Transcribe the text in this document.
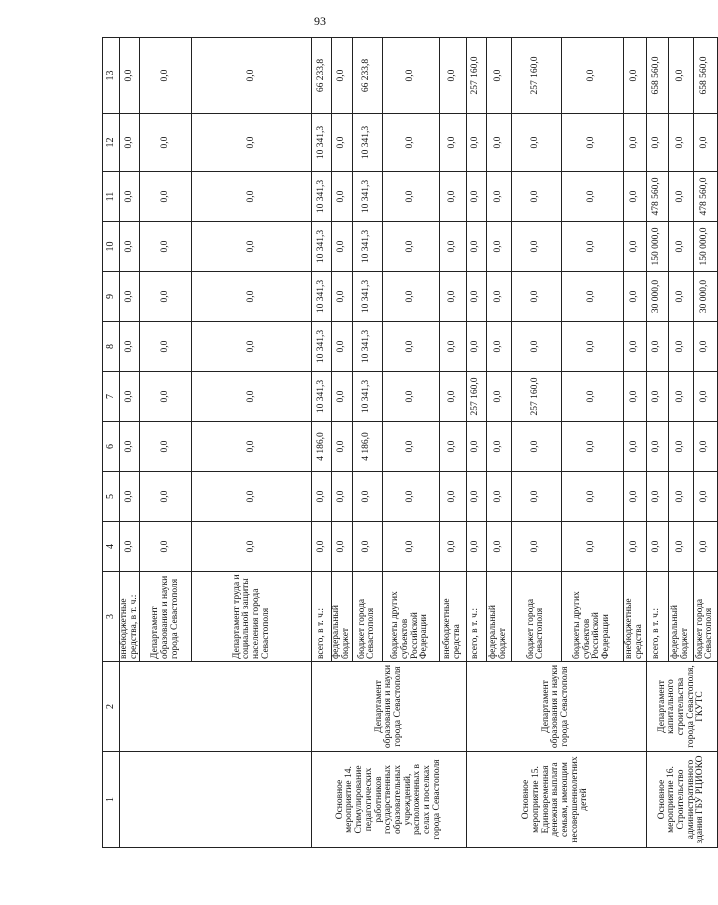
93
1	2	3	4	5	6	7	8	9	10	11	12	13
		внебюджетные средства, в т. ч.:	0,0	0,0	0,0	0,0	0,0	0,0	0,0	0,0	0,0	0,0
		Департамент образования и науки города Севастополя	0,0	0,0	0,0	0,0	0,0	0,0	0,0	0,0	0,0	0,0
		Департамент труда и социальной защиты населения города Севастополя	0,0	0,0	0,0	0,0	0,0	0,0	0,0	0,0	0,0	0,0
Основное мероприятие 14. Стимулирование педагогических работников государственных образовательных учреждений, расположенных в селах и поселках города Севастополя	Департамент образования и науки города Севастополя	всего, в т. ч.:	0,0	0,0	4 186,0	10 341,3	10 341,3	10 341,3	10 341,3	10 341,3	10 341,3	66 233,8
		федеральный бюджет	0,0	0,0	0,0	0,0	0,0	0,0	0,0	0,0	0,0	0,0
		бюджет города Севастополя	0,0	0,0	4 186,0	10 341,3	10 341,3	10 341,3	10 341,3	10 341,3	10 341,3	66 233,8
		бюджеты других субъектов Российской Федерации	0,0	0,0	0,0	0,0	0,0	0,0	0,0	0,0	0,0	0,0
		внебюджетные средства	0,0	0,0	0,0	0,0	0,0	0,0	0,0	0,0	0,0	0,0
Основное мероприятие 15. Единовременная денежная выплата семьям, имеющим несовершеннолетних детей	Департамент образования и науки города Севастополя	всего, в т. ч.:	0,0	0,0	0,0	257 160,0	0,0	0,0	0,0	0,0	0,0	257 160,0
		федеральный бюджет	0,0	0,0	0,0	0,0	0,0	0,0	0,0	0,0	0,0	0,0
		бюджет города Севастополя	0,0	0,0	0,0	257 160,0	0,0	0,0	0,0	0,0	0,0	257 160,0
		бюджеты других субъектов Российской Федерации	0,0	0,0	0,0	0,0	0,0	0,0	0,0	0,0	0,0	0,0
		внебюджетные средства	0,0	0,0	0,0	0,0	0,0	0,0	0,0	0,0	0,0	0,0
Основное мероприятие 16. Строительство административного здания ГБУ РЦИОКО	Департамент капитального строительства города Севастополя, ГКУТС	всего, в т. ч.:	0,0	0,0	0,0	0,0	0,0	30 000,0	150 000,0	478 560,0	0,0	658 560,0
		федеральный бюджет	0,0	0,0	0,0	0,0	0,0	0,0	0,0	0,0	0,0	0,0
		бюджет города Севастополя	0,0	0,0	0,0	0,0	0,0	30 000,0	150 000,0	478 560,0	0,0	658 560,0
